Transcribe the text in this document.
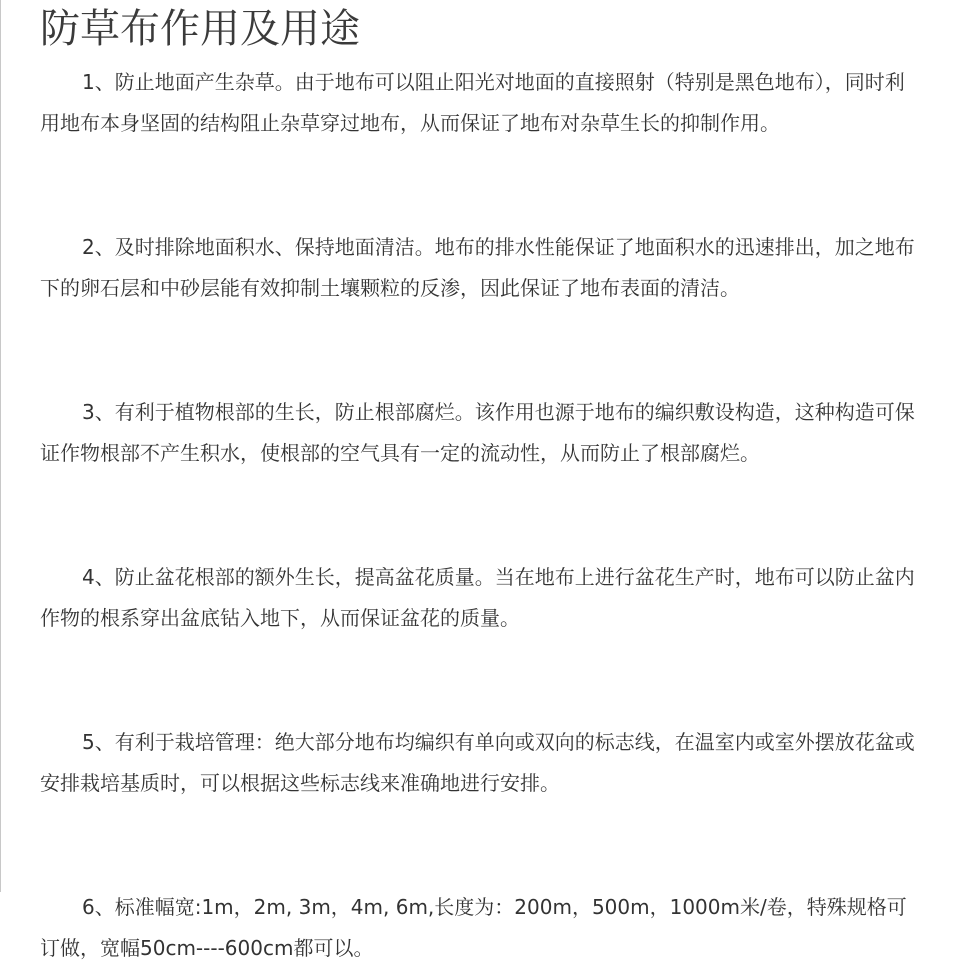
防草布作用及用途

1、防止地面产生杂草。由于地布可以阻止阳光对地面的直接照射（特别是黑色地布），同时利用地布本身坚固的结构阻止杂草穿过地布，从而保证了地布对杂草生长的抑制作用。

2、及时排除地面积水、保持地面清洁。地布的排水性能保证了地面积水的迅速排出，加之地布下的卵石层和中砂层能有效抑制土壤颗粒的反渗，因此保证了地布表面的清洁。

3、有利于植物根部的生长，防止根部腐烂。该作用也源于地布的编织敷设构造，这种构造可保证作物根部不产生积水，使根部的空气具有一定的流动性，从而防止了根部腐烂。

4、防止盆花根部的额外生长，提高盆花质量。当在地布上进行盆花生产时，地布可以防止盆内作物的根系穿出盆底钻入地下，从而保证盆花的质量。

5、有利于栽培管理：绝大部分地布均编织有单向或双向的标志线，在温室内或室外摆放花盆或安排栽培基质时，可以根据这些标志线来准确地进行安排。

6、标准幅宽:1m，2m, 3m，4m, 6m,长度为：200m，500m，1000m米/卷，特殊规格可订做，宽幅50cm----600cm都可以。
